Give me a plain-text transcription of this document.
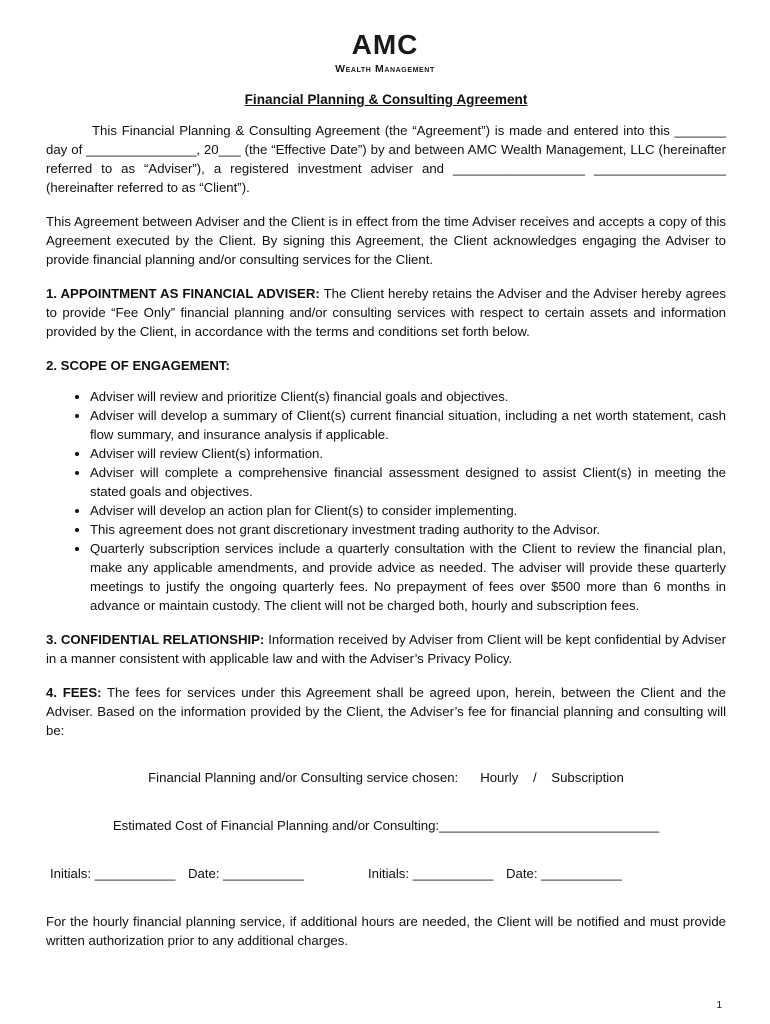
AMC
Wealth Management
Financial Planning & Consulting Agreement

This Financial Planning & Consulting Agreement (the “Agreement”) is made and entered into this _______ day of _______________, 20___ (the “Effective Date”) by and between AMC Wealth Management, LLC (hereinafter referred to as “Adviser”), a registered investment adviser and __________________ __________________ (hereinafter referred to as “Client”).

This Agreement between Adviser and the Client is in effect from the time Adviser receives and accepts a copy of this Agreement executed by the Client. By signing this Agreement, the Client acknowledges engaging the Adviser to provide financial planning and/or consulting services for the Client.

1. APPOINTMENT AS FINANCIAL ADVISER: The Client hereby retains the Adviser and the Adviser hereby agrees to provide “Fee Only” financial planning and/or consulting services with respect to certain assets and information provided by the Client, in accordance with the terms and conditions set forth below.

2. SCOPE OF ENGAGEMENT:

• Adviser will review and prioritize Client(s) financial goals and objectives.
• Adviser will develop a summary of Client(s) current financial situation, including a net worth statement, cash flow summary, and insurance analysis if applicable.
• Adviser will review Client(s) information.
• Adviser will complete a comprehensive financial assessment designed to assist Client(s) in meeting the stated goals and objectives.
• Adviser will develop an action plan for Client(s) to consider implementing.
• This agreement does not grant discretionary investment trading authority to the Advisor.
• Quarterly subscription services include a quarterly consultation with the Client to review the financial plan, make any applicable amendments, and provide advice as needed. The adviser will provide these quarterly meetings to justify the ongoing quarterly fees. No prepayment of fees over $500 more than 6 months in advance or maintain custody. The client will not be charged both, hourly and subscription fees.

3. CONFIDENTIAL RELATIONSHIP: Information received by Adviser from Client will be kept confidential by Adviser in a manner consistent with applicable law and with the Adviser’s Privacy Policy.

4. FEES: The fees for services under this Agreement shall be agreed upon, herein, between the Client and the Adviser. Based on the information provided by the Client, the Adviser’s fee for financial planning and consulting will be:

Financial Planning and/or Consulting service chosen:      Hourly    /    Subscription

Estimated Cost of Financial Planning and/or Consulting:______________________________

Initials: ___________ Date: ___________	Initials: ___________ Date: ___________

For the hourly financial planning service, if additional hours are needed, the Client will be notified and must provide written authorization prior to any additional charges.

1
